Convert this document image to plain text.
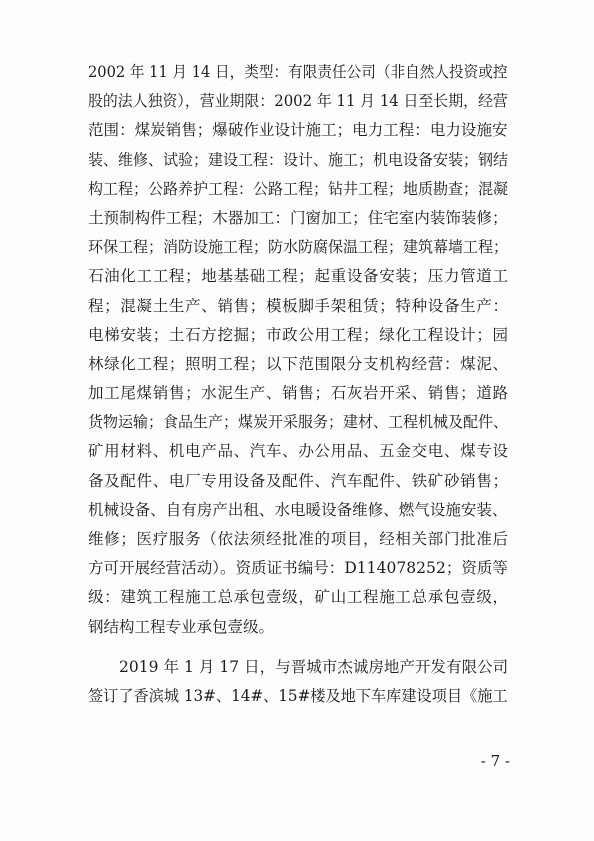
2002 年 11 月 14 日，类型：有限责任公司（非自然人投资或控
股的法人独资），营业期限：2002 年 11 月 14 日至长期，经营
范围：煤炭销售；爆破作业设计施工；电力工程：电力设施安
装、维修、试验；建设工程：设计、施工；机电设备安装；钢结
构工程；公路养护工程：公路工程；钻井工程；地质勘查；混凝
土预制构件工程；木器加工：门窗加工；住宅室内装饰装修；
环保工程；消防设施工程；防水防腐保温工程；建筑幕墙工程；
石油化工工程；地基基础工程；起重设备安装；压力管道工
程；混凝土生产、销售；模板脚手架租赁；特种设备生产：
电梯安装；土石方挖掘；市政公用工程；绿化工程设计；园
林绿化工程；照明工程；以下范围限分支机构经营：煤泥、
加工尾煤销售；水泥生产、销售；石灰岩开采、销售；道路
货物运输；食品生产；煤炭开采服务；建材、工程机械及配件、
矿用材料、机电产品、汽车、办公用品、五金交电、煤专设
备及配件、电厂专用设备及配件、汽车配件、铁矿砂销售；
机械设备、自有房产出租、水电暖设备维修、燃气设施安装、
维修；医疗服务（依法须经批准的项目，经相关部门批准后
方可开展经营活动）。资质证书编号：D114078252；资质等
级：建筑工程施工总承包壹级，矿山工程施工总承包壹级，
钢结构工程专业承包壹级。
2019 年 1 月 17 日，与晋城市杰诚房地产开发有限公司
签订了香滨城 13#、14#、15#楼及地下车库建设项目《施工
- 7 -
